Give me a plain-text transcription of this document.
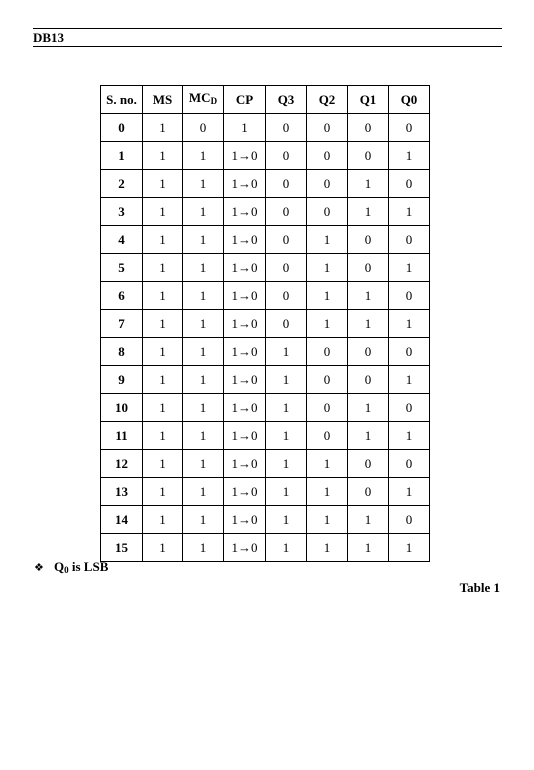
DB13
S. no.	MS	$MC_D$	CP	Q3	Q2	Q1	Q0
0	1	0	1	0	0	0	0
1	1	1	1→0	0	0	0	1
2	1	1	1→0	0	0	1	0
3	1	1	1→0	0	0	1	1
4	1	1	1→0	0	1	0	0
5	1	1	1→0	0	1	0	1
6	1	1	1→0	0	1	1	0
7	1	1	1→0	0	1	1	1
8	1	1	1→0	1	0	0	0
9	1	1	1→0	1	0	0	1
10	1	1	1→0	1	0	1	0
11	1	1	1→0	1	0	1	1
12	1	1	1→0	1	1	0	0
13	1	1	1→0	1	1	0	1
14	1	1	1→0	1	1	1	0
15	1	1	1→0	1	1	1	1
❖ $Q_0$ is LSB
Table 1
